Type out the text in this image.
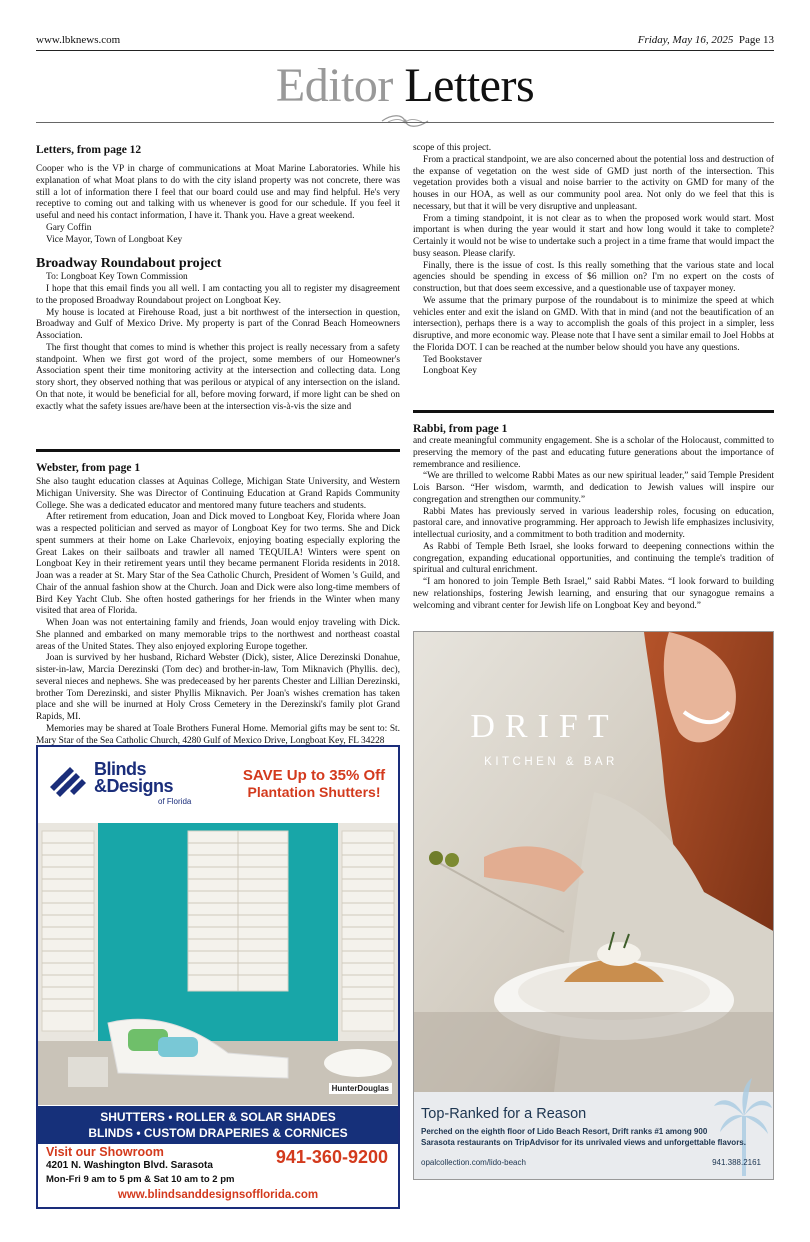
www.lbknews.com	Friday, May 16, 2025 Page 13
Editor Letters
Letters, from page 12

Cooper who is the VP in charge of communications at Moat Marine Laboratories. While his explanation of what Moat plans to do with the city island property was not concrete, there was still a lot of information there I feel that our board could use and may find helpful. He's very receptive to coming out and talking with us whenever is good for our schedule. If you feel it useful and need his contact information, I have it. Thank you. Have a great weekend.

Gary Coffin

Vice Mayor, Town of Longboat Key

Broadway Roundabout project

To: Longboat Key Town Commission

I hope that this email finds you all well. I am contacting you all to register my disagreement to the proposed Broadway Roundabout project on Longboat Key.

My house is located at Firehouse Road, just a bit northwest of the intersection in question, Broadway and Gulf of Mexico Drive. My property is part of the Conrad Beach Homeowners Association.

The first thought that comes to mind is whether this project is really necessary from a safety standpoint. When we first got word of the project, some members of our Homeowner's Association spent their time monitoring activity at the intersection and collecting data. Long story short, they observed nothing that was perilous or atypical of any intersection on the island. On that note, it would be beneficial for all, before moving forward, if more light can be shed on exactly what the safety issues are/have been at the intersection vis-à-vis the size and

scope of this project.

From a practical standpoint, we are also concerned about the potential loss and destruction of the expanse of vegetation on the west side of GMD just north of the intersection. This vegetation provides both a visual and noise barrier to the activity on GMD for many of the houses in our HOA, as well as our community pool area. Not only do we feel that this is necessary, but that it will be very disruptive and unpleasant.

From a timing standpoint, it is not clear as to when the proposed work would start. Most important is when during the year would it start and how long would it take to complete? Certainly it would not be wise to undertake such a project in a time frame that would impact the busy season. Please clarify.

Finally, there is the issue of cost. Is this really something that the various state and local agencies should be spending in excess of $6 million on? I'm no expert on the costs of construction, but that does seem excessive, and a questionable use of taxpayer money.

We assume that the primary purpose of the roundabout is to minimize the speed at which vehicles enter and exit the island on GMD. With that in mind (and not the beautification of an intersection), perhaps there is a way to accomplish the goals of this project in a simpler, less disruptive, and more economic way. Please note that I have sent a similar email to Joel Hobbs at the Florida DOT. I can be reached at the number below should you have any questions.

Ted Bookstaver

Longboat Key

Webster, from page 1

She also taught education classes at Aquinas College, Michigan State University, and Western Michigan University. She was Director of Continuing Education at Grand Rapids Community College. She was a dedicated educator and mentored many future teachers and students.

After retirement from education, Joan and Dick moved to Longboat Key, Florida where Joan was a respected politician and served as mayor of Longboat Key for two terms. She and Dick spent summers at their home on Lake Charlevoix, enjoying boating especially exploring the Great Lakes on their sailboats and trawler all named TEQUILA! Winters were spent on Longboat Key in their retirement years until they became permanent Florida residents in 2018. Joan was a reader at St. Mary Star of the Sea Catholic Church, President of Women 's Guild, and Chair of the annual fashion show at the Church. Joan and Dick were also long-time members of Bird Key Yacht Club. She often hosted gatherings for her friends in the Winter when many visited that area of Florida.

When Joan was not entertaining family and friends, Joan would enjoy traveling with Dick. She planned and embarked on many memorable trips to the northwest and northeast coastal areas of the United States. They also enjoyed exploring Europe together.

Joan is survived by her husband, Richard Webster (Dick), sister, Alice Derezinski Donahue, sister-in-law, Marcia Derezinski (Tom dec) and brother-in-law, Tom Miknavich (Phyllis. dec), several nieces and nephews. She was predeceased by her parents Chester and Lillian Derezinski, brother Tom Derezinski, and sister Phyllis Miknavich. Per Joan's wishes cremation has taken place and she will be inurned at Holy Cross Cemetery in the Derezinski's family plot Grand Rapids, MI.

Memories may be shared at Toale Brothers Funeral Home. Memorial gifts may be sent to: St. Mary Star of the Sea Catholic Church, 4280 Gulf of Mexico Drive, Longboat Key, FL 34228

Rabbi, from page 1

and create meaningful community engagement. She is a scholar of the Holocaust, committed to preserving the memory of the past and educating future generations about the importance of remembrance and resilience.

“We are thrilled to welcome Rabbi Mates as our new spiritual leader,” said Temple President Lois Barson. “Her wisdom, warmth, and dedication to Jewish values will inspire our congregation and strengthen our community.”

Rabbi Mates has previously served in various leadership roles, focusing on education, pastoral care, and innovative programming. Her approach to Jewish life emphasizes inclusivity, intellectual curiosity, and a commitment to both tradition and modernity.

As Rabbi of Temple Beth Israel, she looks forward to deepening connections within the congregation, expanding educational opportunities, and continuing the temple's tradition of spiritual and cultural enrichment.

“I am honored to join Temple Beth Israel,” said Rabbi Mates. “I look forward to building new relationships, fostering Jewish learning, and ensuring that our synagogue remains a welcoming and vibrant center for Jewish life on Longboat Key and beyond.”

Blinds
&Designs
of Florida
SAVE Up to 35% Off
Plantation Shutters!
HunterDouglas
SHUTTERS • ROLLER & SOLAR SHADES
BLINDS • CUSTOM DRAPERIES & CORNICES
Visit our Showroom
4201 N. Washington Blvd. Sarasota
Mon-Fri 9 am to 5 pm & Sat 10 am to 2 pm
941-360-9200
www.blindsanddesignsofflorida.com
DRIFT
KITCHEN & BAR
Top-Ranked for a Reason
Perched on the eighth floor of Lido Beach Resort, Drift ranks #1 among 900
Sarasota restaurants on TripAdvisor for its unrivaled views and unforgettable flavors.
opalcollection.com/lido-beach	941.388.2161
